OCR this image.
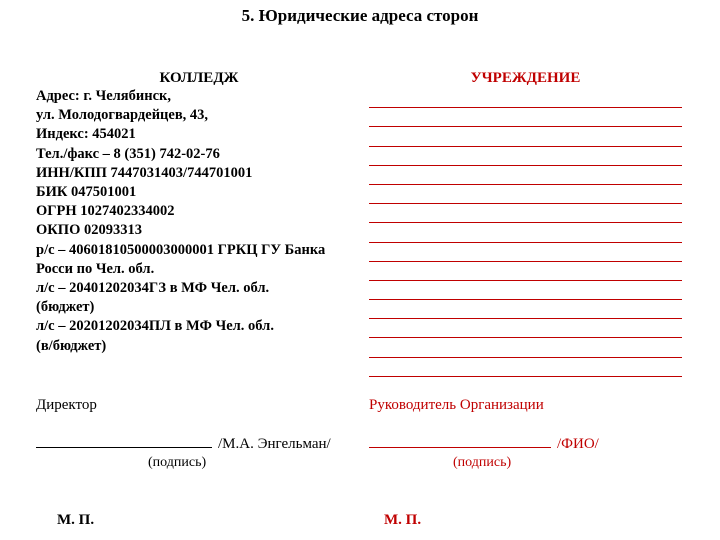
5. Юридические адреса сторон
КОЛЛЕДЖ
Адрес: г. Челябинск,
ул. Молодогвардейцев, 43,
Индекс: 454021
Тел./факс – 8 (351) 742-02-76
ИНН/КПП 7447031403/744701001
БИК 047501001
ОГРН 1027402334002
ОКПО 02093313
р/с – 40601810500003000001 ГРКЦ ГУ Банка
Росси по Чел. обл.
л/с – 20401202034ГЗ в МФ Чел. обл.
(бюджет)
л/с – 20201202034ПЛ в МФ Чел. обл.
(в/бюджет)
УЧРЕЖДЕНИЕ
Директор	Руководитель Организации
/М.А. Энгельман/	/ФИО/
(подпись)	(подпись)
М. П.	М. П.
